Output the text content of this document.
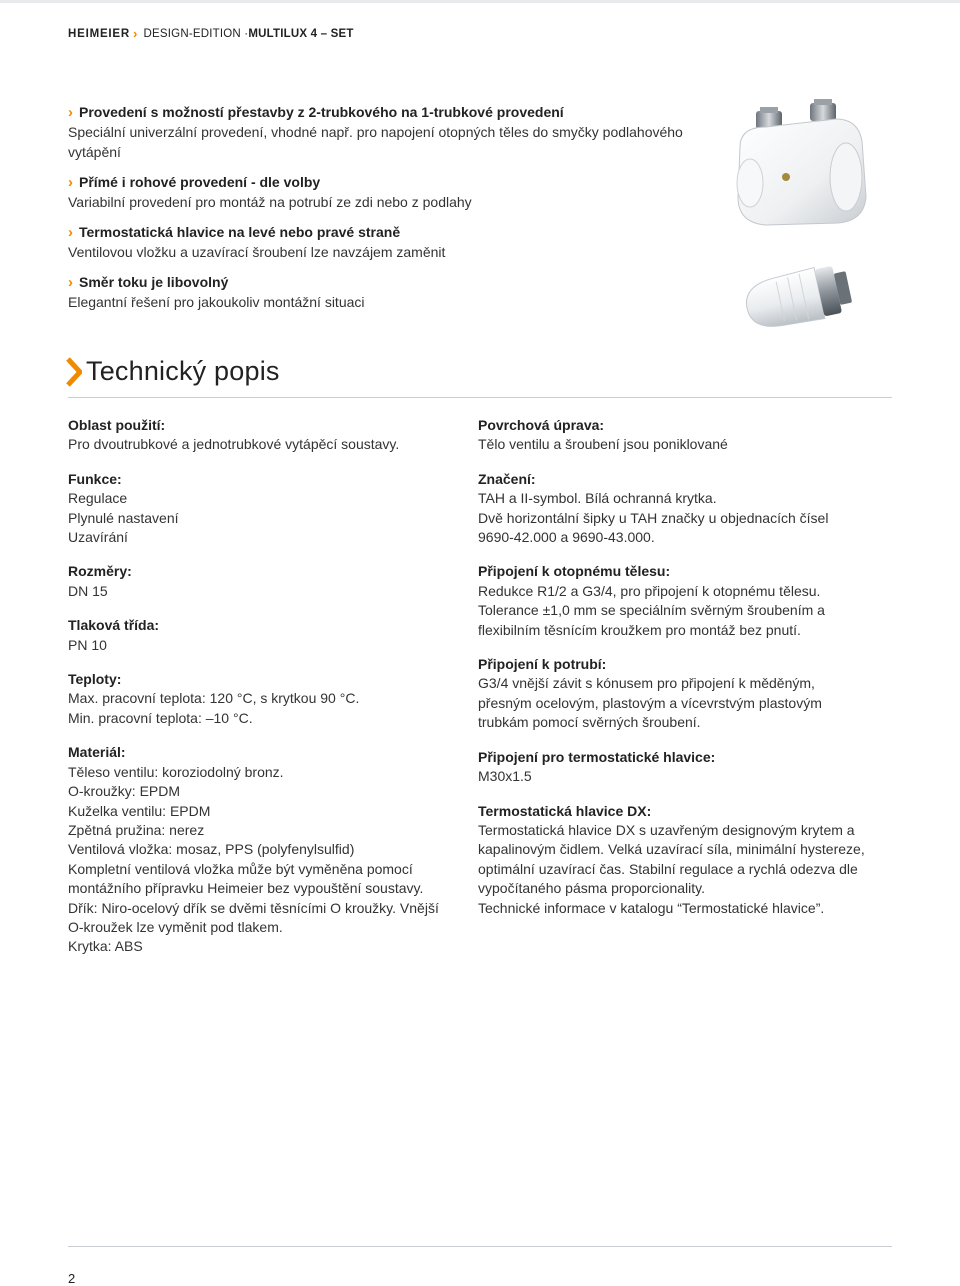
HEIMEIER › DESIGN-EDITION · MULTILUX 4 – SET
› Provedení s možností přestavby z 2-trubkového na 1-trubkové provedení
Speciální univerzální provedení, vhodné např. pro napojení otopných těles do smyčky podlahového vytápění
› Přímé i rohové provedení - dle volby
Variabilní provedení pro montáž na potrubí ze zdi nebo z podlahy
› Termostatická hlavice na levé nebo pravé straně
Ventilovou vložku a uzavírací šroubení lze navzájem zaměnit
› Směr toku je libovolný
Elegantní řešení pro jakoukoliv montážní situaci
Technický popis
Oblast použití:
Pro dvoutrubkové a jednotrubkové vytápěcí soustavy.
Funkce:
Regulace
Plynulé nastavení
Uzavírání
Rozměry:
DN 15
Tlaková třída:
PN 10
Teploty:
Max. pracovní teplota: 120 °C, s krytkou 90 °C.
Min. pracovní teplota: –10 °C.
Materiál:
Těleso ventilu: koroziodolný bronz.
O-kroužky: EPDM
Kuželka ventilu: EPDM
Zpětná pružina: nerez
Ventilová vložka: mosaz, PPS (polyfenylsulfid)
Kompletní ventilová vložka může být vyměněna pomocí
montážního přípravku Heimeier bez vypouštění soustavy.
Dřík: Niro-ocelový dřík se dvěmi těsnícími O kroužky. Vnější
O-kroužek lze vyměnit pod tlakem.
Krytka: ABS
Povrchová úprava:
Tělo ventilu a šroubení jsou poniklované
Značení:
TAH a II-symbol. Bílá ochranná krytka.
Dvě horizontální šipky u TAH značky u objednacích čísel
9690-42.000 a 9690-43.000.
Připojení k otopnému tělesu:
Redukce R1/2 a G3/4, pro připojení k otopnému tělesu.
Tolerance ±1,0 mm se speciálním svěrným šroubením a
flexibilním těsnícím kroužkem pro montáž bez pnutí.
Připojení k potrubí:
G3/4 vnější závit s kónusem pro připojení k měděným,
přesným ocelovým, plastovým a vícevrstvým plastovým
trubkám pomocí svěrných šroubení.
Připojení pro termostatické hlavice:
M30x1.5
Termostatická hlavice DX:
Termostatická hlavice DX s uzavřeným designovým krytem a
kapalinovým čidlem. Velká uzavírací síla, minimální hystereze,
optimální uzavírací čas. Stabilní regulace a rychlá odezva dle
vypočítaného pásma proporcionality.
Technické informace v katalogu “Termostatické hlavice”.
2
